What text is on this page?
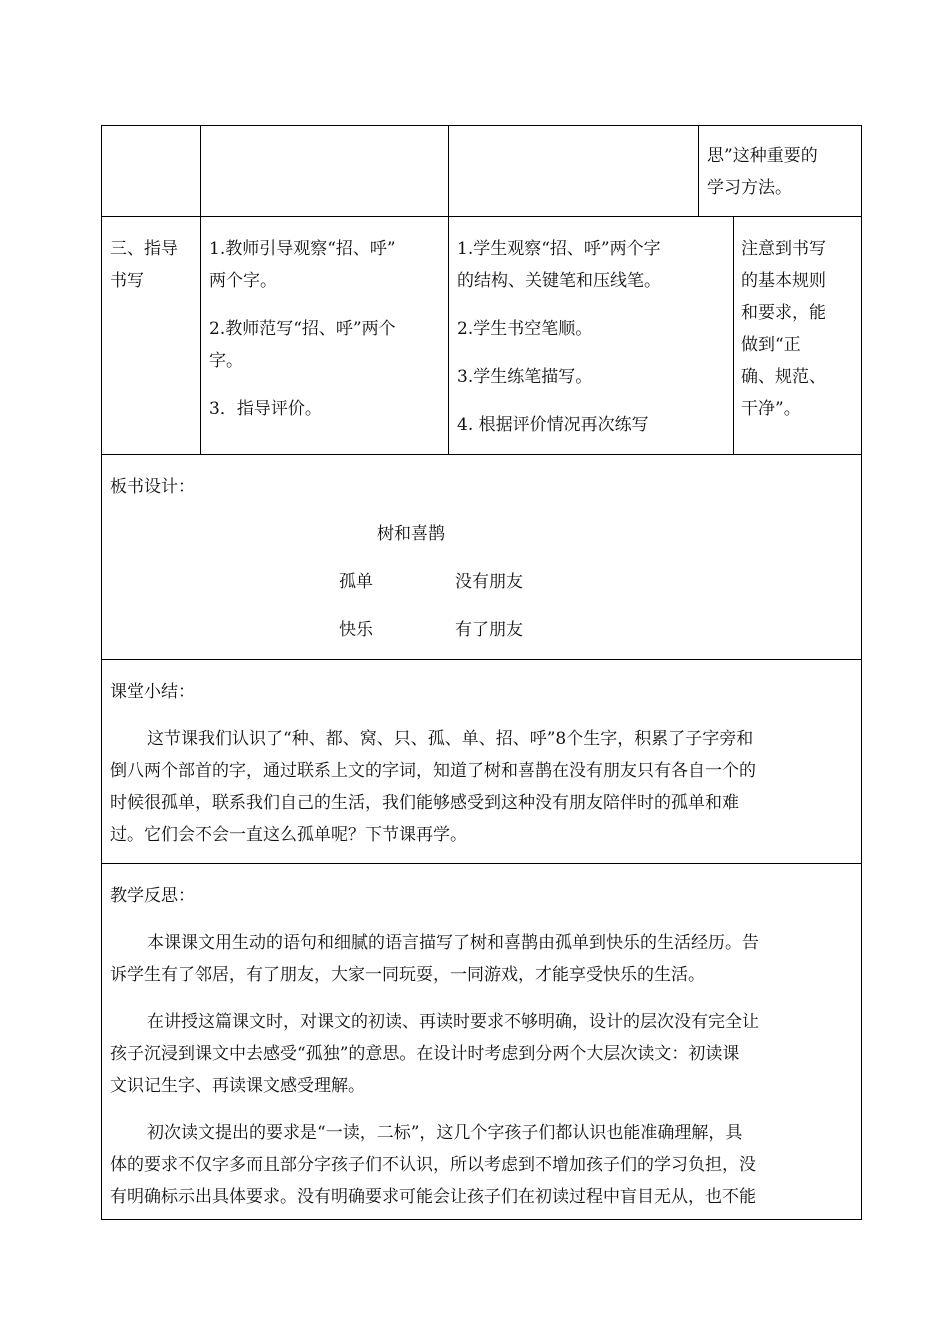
思”这种重要的
学习方法。
三、指导
书写
1.教师引导观察“招、呼”
两个字。
2.教师范写“招、呼”两个
字。
3．指导评价。
1.学生观察“招、呼”两个字
的结构、关键笔和压线笔。
2.学生书空笔顺。
3.学生练笔描写。
4. 根据评价情况再次练写
注意到书写
的基本规则
和要求，能
做到“正
确、规范、
干净”。
板书设计：
树和喜鹊
孤单	没有朋友
快乐	有了朋友
课堂小结：
这节课我们认识了“种、都、窝、只、孤、单、招、呼”8个生字，积累了子字旁和
倒八两个部首的字，通过联系上文的字词，知道了树和喜鹊在没有朋友只有各自一个的
时候很孤单，联系我们自己的生活，我们能够感受到这种没有朋友陪伴时的孤单和难
过。它们会不会一直这么孤单呢？下节课再学。
教学反思：
本课课文用生动的语句和细腻的语言描写了树和喜鹊由孤单到快乐的生活经历。告
诉学生有了邻居，有了朋友，大家一同玩耍，一同游戏，才能享受快乐的生活。
在讲授这篇课文时，对课文的初读、再读时要求不够明确，设计的层次没有完全让
孩子沉浸到课文中去感受“孤独”的意思。在设计时考虑到分两个大层次读文：初读课
文识记生字、再读课文感受理解。
初次读文提出的要求是“一读，二标”，这几个字孩子们都认识也能准确理解，具
体的要求不仅字多而且部分字孩子们不认识，所以考虑到不增加孩子们的学习负担，没
有明确标示出具体要求。没有明确要求可能会让孩子们在初读过程中盲目无从，也不能
